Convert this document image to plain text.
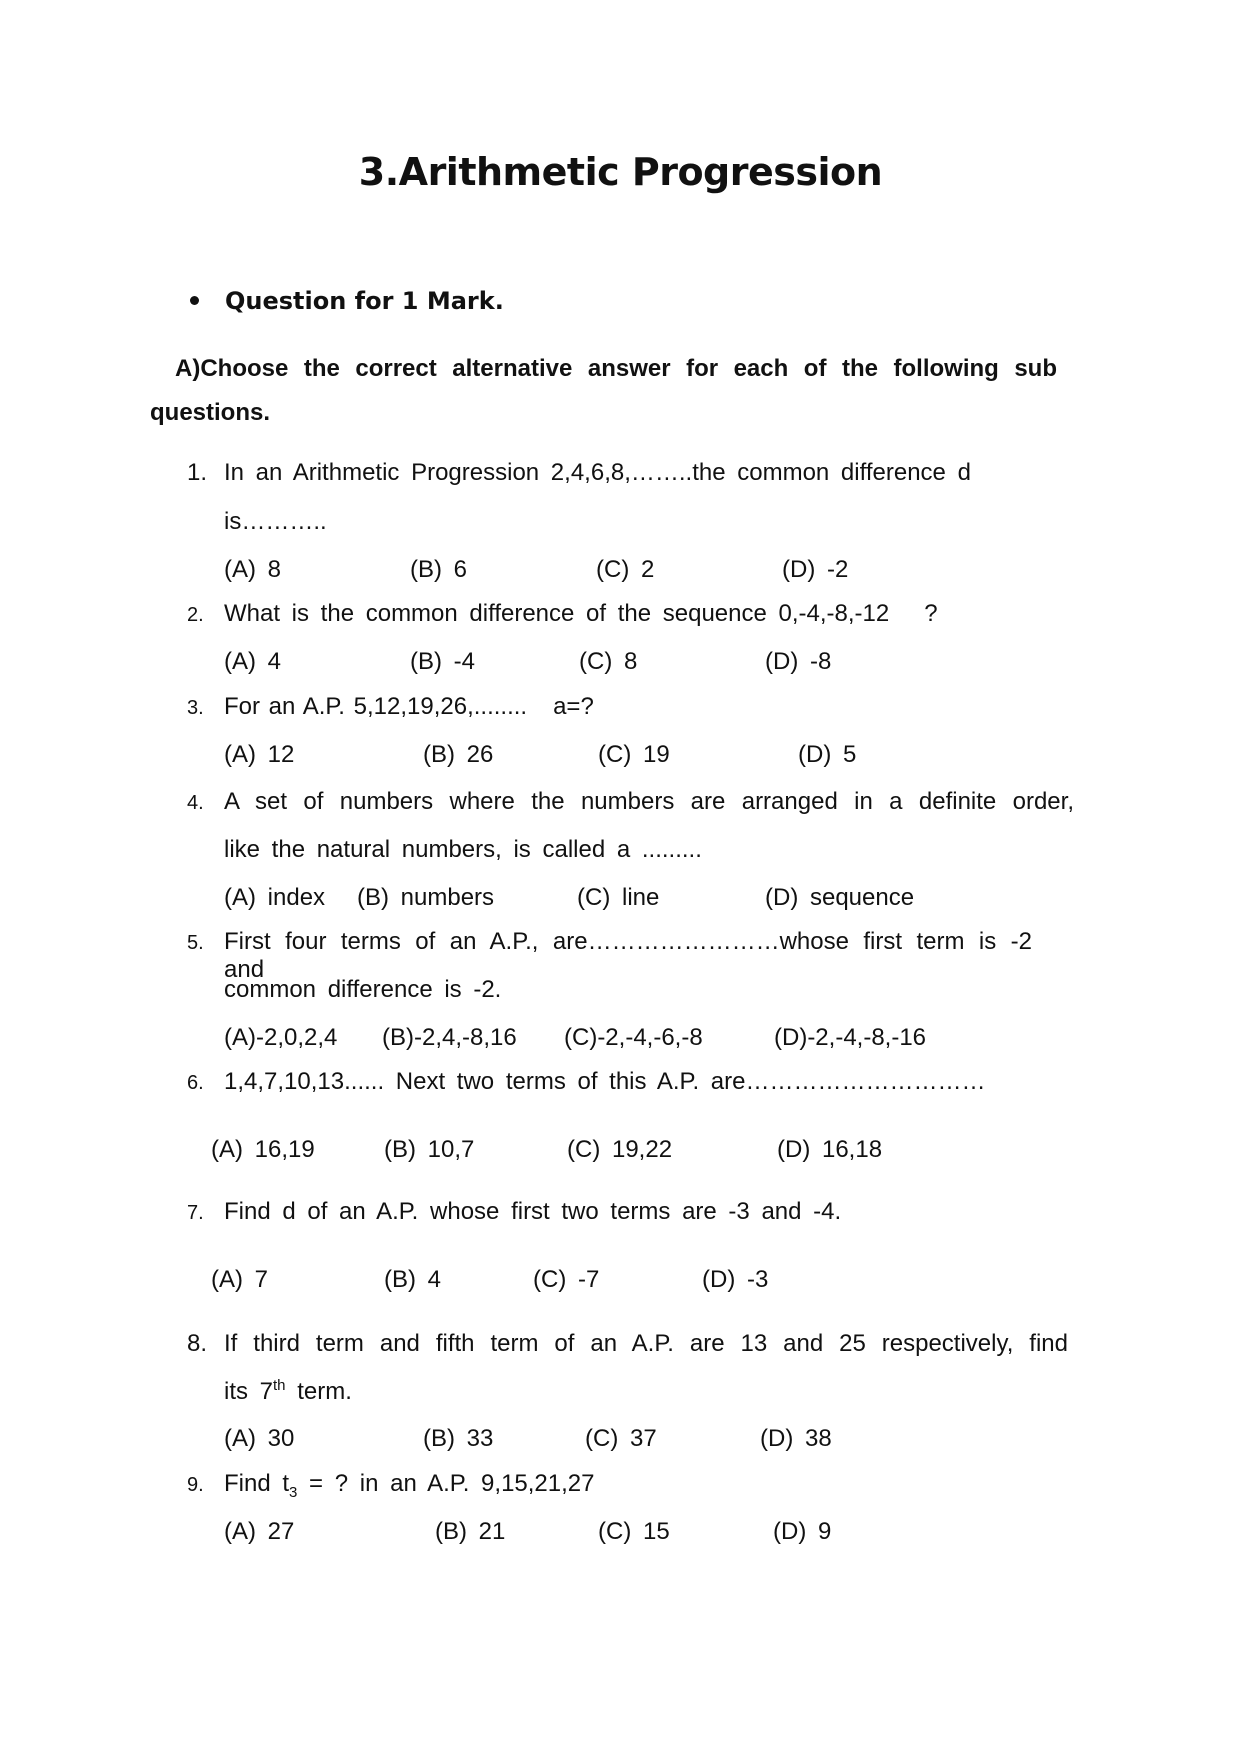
3.Arithmetic Progression
Question for 1 Mark.
A)Choose the correct alternative answer for each of the following sub
questions.
1. In an Arithmetic Progression 2,4,6,8,……..the common difference d
is………..
(A) 8	(B) 6	(C) 2	(D) -2
2. What is the common difference of the sequence 0,-4,-8,-12   ?
(A) 4	(B) -4	(C) 8	(D) -8
3. For an A.P. 5,12,19,26,........   a=?
(A) 12	(B) 26	(C) 19	(D) 5
4. A set of numbers where the numbers are arranged in a definite order,
like the natural numbers, is called a .........
(A) index (B) numbers	(C) line	(D) sequence
5. First four terms of an A.P., are……………………whose first term is -2 and
common difference is -2.
(A)-2,0,2,4 (B)-2,4,-8,16 (C)-2,-4,-6,-8	(D)-2,-4,-8,-16
6. 1,4,7,10,13...... Next two terms of this A.P. are…………………………
(A) 16,19	(B) 10,7	(C) 19,22	(D) 16,18
7. Find d of an A.P. whose first two terms are -3 and -4.
(A) 7	(B) 4	(C) -7	(D) -3
8. If third term and fifth term of an A.P. are 13 and 25 respectively, find
its 7th term.
(A) 30	(B) 33	(C) 37	(D) 38
9. Find $t_3$ = ? in an A.P. 9,15,21,27
(A) 27	(B) 21	(C) 15	(D) 9
